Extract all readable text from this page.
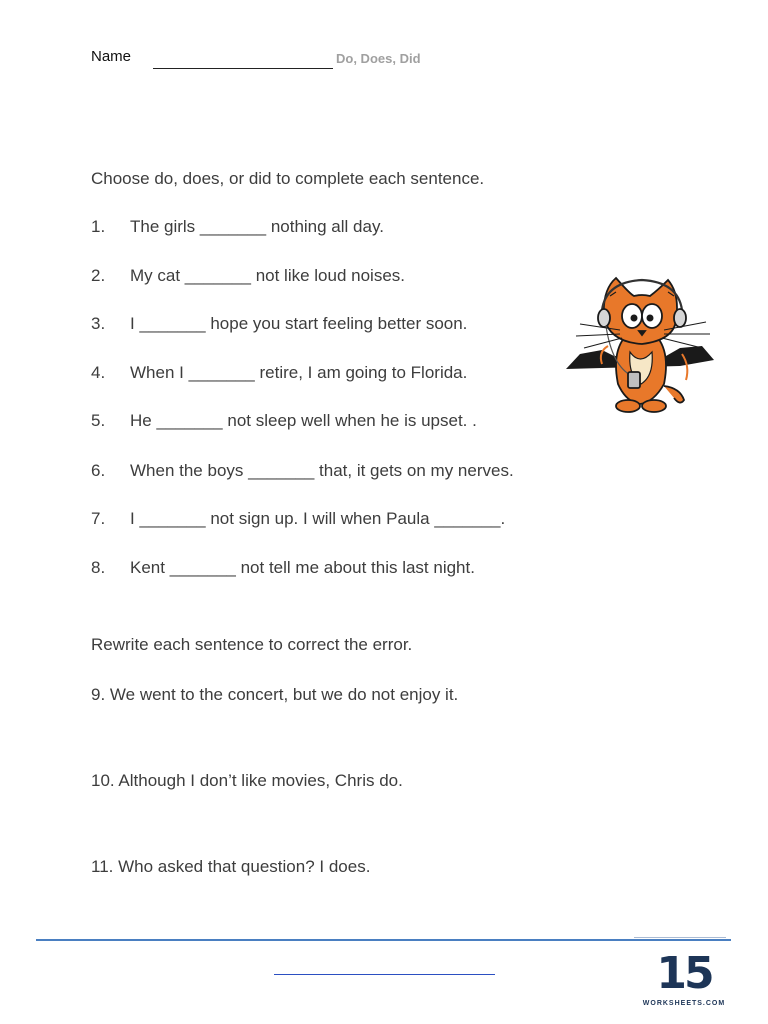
Name	Do, Does, Did
Choose do, does, or did to complete each sentence.
1. The girls _______ nothing all day.
2. My cat _______ not like loud noises.
3. I _______ hope you start feeling better soon.
4. When I _______ retire, I am going to Florida.
5. He _______ not sleep well when he is upset. .
6. When the boys _______ that, it gets on my nerves.
7. I _______ not sign up. I will when Paula _______.
8. Kent _______ not tell me about this last night.
Rewrite each sentence to correct the error.
9. We went to the concert, but we do not enjoy it.
10. Although I don’t like movies, Chris do.
11. Who asked that question? I does.
15
WORKSHEETS.COM
